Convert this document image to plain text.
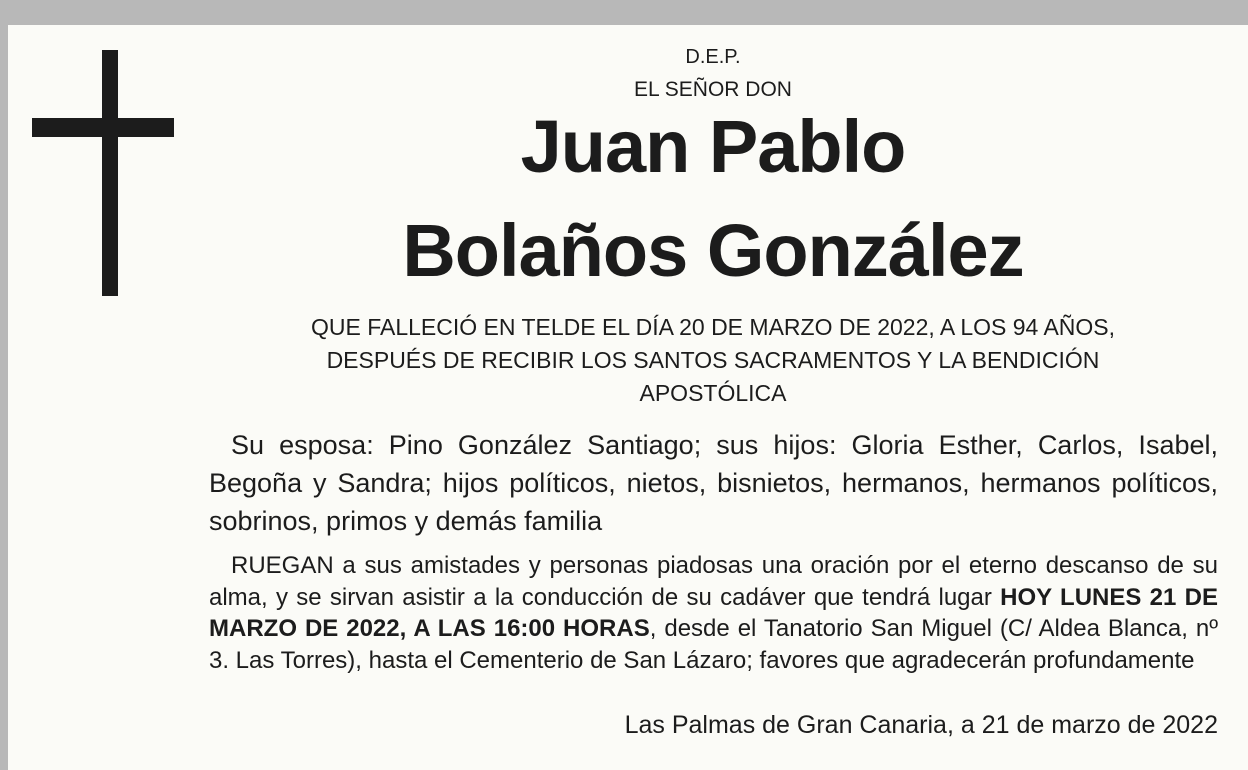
D.E.P.
EL SEÑOR DON
Juan Pablo
Bolaños González
QUE FALLECIÓ EN TELDE EL DÍA 20 DE MARZO DE 2022, A LOS 94 AÑOS, DESPUÉS DE RECIBIR LOS SANTOS SACRAMENTOS Y LA BENDICIÓN APOSTÓLICA
Su esposa: Pino González Santiago; sus hijos: Gloria Esther, Carlos, Isabel, Begoña y Sandra; hijos políticos, nietos, bisnietos, hermanos, hermanos políticos, sobrinos, primos y demás familia
RUEGAN a sus amistades y personas piadosas una oración por el eterno descanso de su alma, y se sirvan asistir a la conducción de su cadáver que tendrá lugar HOY LUNES 21 DE MARZO DE 2022, A LAS 16:00 HORAS, desde el Tanatorio San Miguel (C/ Aldea Blanca, nº 3. Las Torres), hasta el Cementerio de San Lázaro; favores que agradecerán profundamente
Las Palmas de Gran Canaria, a 21 de marzo de 2022
